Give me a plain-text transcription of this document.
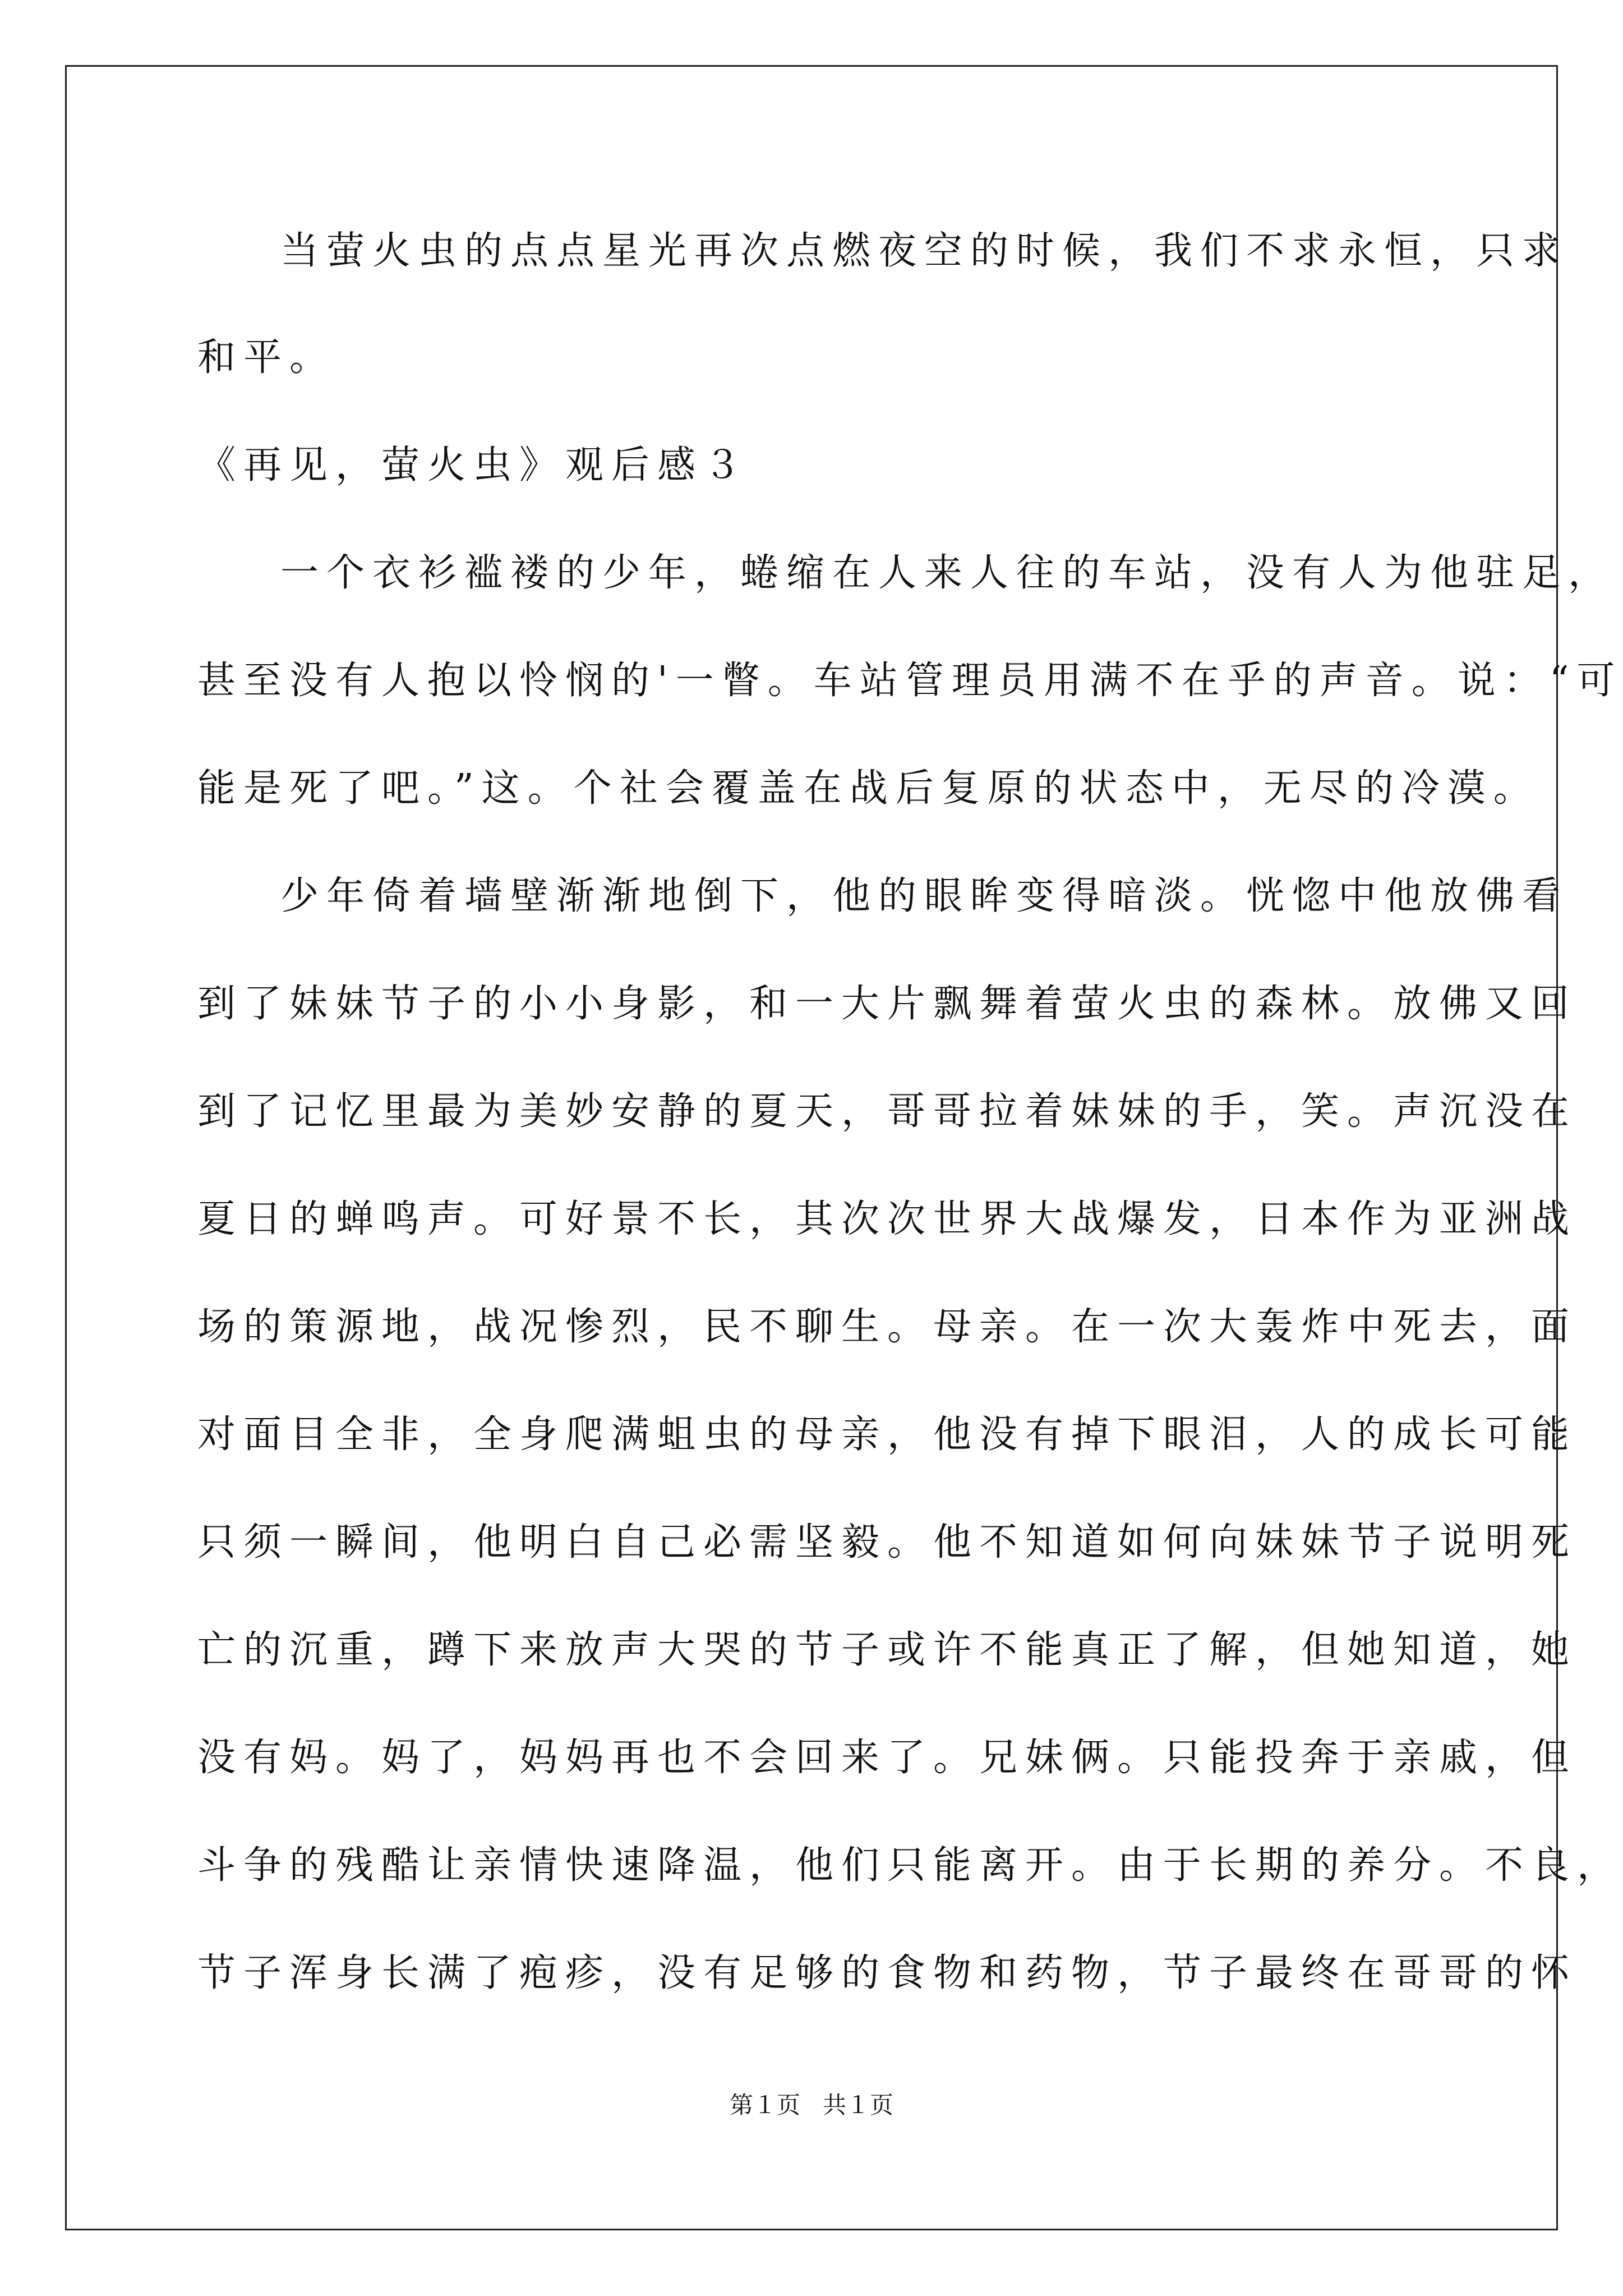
当萤火虫的点点星光再次点燃夜空的时候，我们不求永恒，只求
和平。
《再见，萤火虫》观后感３
一个衣衫褴褛的少年，蜷缩在人来人往的车站，没有人为他驻足，
甚至没有人抱以怜悯的'一瞥。车站管理员用满不在乎的声音。说：“可
能是死了吧。”这。个社会覆盖在战后复原的状态中，无尽的冷漠。
少年倚着墙壁渐渐地倒下，他的眼眸变得暗淡。恍惚中他放佛看
到了妹妹节子的小小身影，和一大片飘舞着萤火虫的森林。放佛又回
到了记忆里最为美妙安静的夏天，哥哥拉着妹妹的手，笑。声沉没在
夏日的蝉鸣声。可好景不长，其次次世界大战爆发，日本作为亚洲战
场的策源地，战况惨烈，民不聊生。母亲。在一次大轰炸中死去，面
对面目全非，全身爬满蛆虫的母亲，他没有掉下眼泪，人的成长可能
只须一瞬间，他明白自己必需坚毅。他不知道如何向妹妹节子说明死
亡的沉重，蹲下来放声大哭的节子或许不能真正了解，但她知道，她
没有妈。妈了，妈妈再也不会回来了。兄妹俩。只能投奔于亲戚，但
斗争的残酷让亲情快速降温，他们只能离开。由于长期的养分。不良，
节子浑身长满了疱疹，没有足够的食物和药物，节子最终在哥哥的怀
第１页   共１页
